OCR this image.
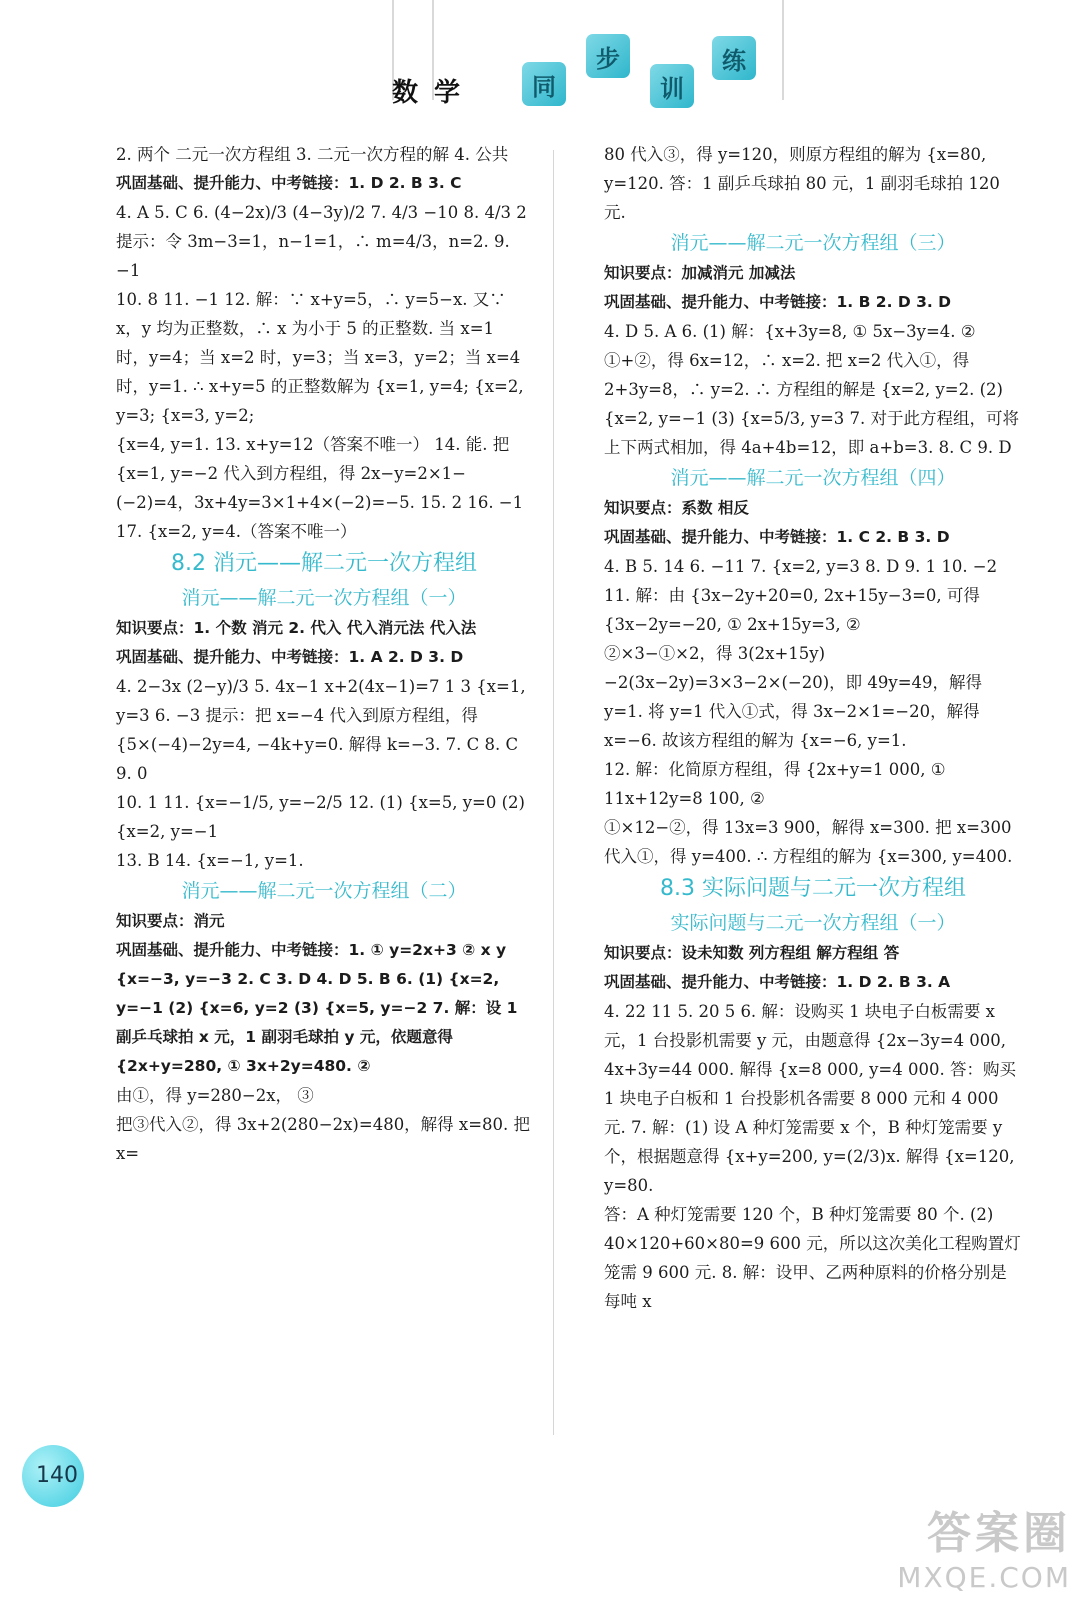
数学	同
步
训
练

2. 两个 二元一次方程组 3. 二元一次方程的解 4. 公共

巩固基础、提升能力、中考链接：1. D 2. B 3. C

4. A 5. C 6. (4−2x)/3 (4−3y)/2 7. 4/3 −10 8. 4/3 2

提示：令 3m−3=1，n−1=1，∴ m=4/3，n=2. 9. −1

10. 8 11. −1 12. 解：∵ x+y=5，∴ y=5−x. 又∵ x，y 均为正整数，∴ x 为小于 5 的正整数. 当 x=1 时，y=4；当 x=2 时，y=3；当 x=3，y=2；当 x=4 时，y=1. ∴ x+y=5 的正整数解为 {x=1, y=4; {x=2, y=3; {x=3, y=2;

{x=4, y=1. 13. x+y=12（答案不唯一） 14. 能. 把 {x=1, y=−2 代入到方程组，得 2x−y=2×1−(−2)=4，3x+4y=3×1+4×(−2)=−5. 15. 2 16. −1 17. {x=2, y=4.（答案不唯一）

8.2 消元——解二元一次方程组

消元——解二元一次方程组（一）

知识要点：1. 个数 消元 2. 代入 代入消元法 代入法

巩固基础、提升能力、中考链接：1. A 2. D 3. D

4. 2−3x (2−y)/3 5. 4x−1 x+2(4x−1)=7 1 3 {x=1, y=3 6. −3 提示：把 x=−4 代入到原方程组，得 {5×(−4)−2y=4, −4k+y=0. 解得 k=−3. 7. C 8. C 9. 0

10. 1 11. {x=−1/5, y=−2/5 12. (1) {x=5, y=0 (2) {x=2, y=−1

13. B 14. {x=−1, y=1.

消元——解二元一次方程组（二）

知识要点：消元

巩固基础、提升能力、中考链接：1. ① y=2x+3 ② x y {x=−3, y=−3 2. C 3. D 4. D 5. B 6. (1) {x=2, y=−1 (2) {x=6, y=2 (3) {x=5, y=−2 7. 解：设 1 副乒乓球拍 x 元，1 副羽毛球拍 y 元，依题意得 {2x+y=280, ① 3x+2y=480. ②

由①，得 y=280−2x， ③

把③代入②，得 3x+2(280−2x)=480，解得 x=80. 把 x=

80 代入③，得 y=120，则原方程组的解为 {x=80, y=120. 答：1 副乒乓球拍 80 元，1 副羽毛球拍 120 元.

消元——解二元一次方程组（三）

知识要点：加减消元 加减法

巩固基础、提升能力、中考链接：1. B 2. D 3. D

4. D 5. A 6. (1) 解：{x+3y=8, ① 5x−3y=4. ②

①+②，得 6x=12，∴ x=2. 把 x=2 代入①，得 2+3y=8，∴ y=2. ∴ 方程组的解是 {x=2, y=2. (2) {x=2, y=−1 (3) {x=5/3, y=3 7. 对于此方程组，可将上下两式相加，得 4a+4b=12，即 a+b=3. 8. C 9. D

消元——解二元一次方程组（四）

知识要点：系数 相反

巩固基础、提升能力、中考链接：1. C 2. B 3. D

4. B 5. 14 6. −11 7. {x=2, y=3 8. D 9. 1 10. −2

11. 解：由 {3x−2y+20=0, 2x+15y−3=0, 可得 {3x−2y=−20, ① 2x+15y=3, ②

②×3−①×2，得 3(2x+15y)−2(3x−2y)=3×3−2×(−20)，即 49y=49，解得 y=1. 将 y=1 代入①式，得 3x−2×1=−20，解得 x=−6. 故该方程组的解为 {x=−6, y=1.

12. 解：化简原方程组，得 {2x+y=1 000, ① 11x+12y=8 100, ②

①×12−②，得 13x=3 900，解得 x=300. 把 x=300 代入①，得 y=400. ∴ 方程组的解为 {x=300, y=400.

8.3 实际问题与二元一次方程组

实际问题与二元一次方程组（一）

知识要点：设未知数 列方程组 解方程组 答

巩固基础、提升能力、中考链接：1. D 2. B 3. A

4. 22 11 5. 20 5 6. 解：设购买 1 块电子白板需要 x 元，1 台投影机需要 y 元，由题意得 {2x−3y=4 000, 4x+3y=44 000. 解得 {x=8 000, y=4 000. 答：购买 1 块电子白板和 1 台投影机各需要 8 000 元和 4 000 元. 7. 解：(1) 设 A 种灯笼需要 x 个，B 种灯笼需要 y 个，根据题意得 {x+y=200, y=(2/3)x. 解得 {x=120, y=80.

答：A 种灯笼需要 120 个，B 种灯笼需要 80 个. (2) 40×120+60×80=9 600 元，所以这次美化工程购置灯笼需 9 600 元. 8. 解：设甲、乙两种原料的价格分别是每吨 x

140
答案圈
MXQE.COM
